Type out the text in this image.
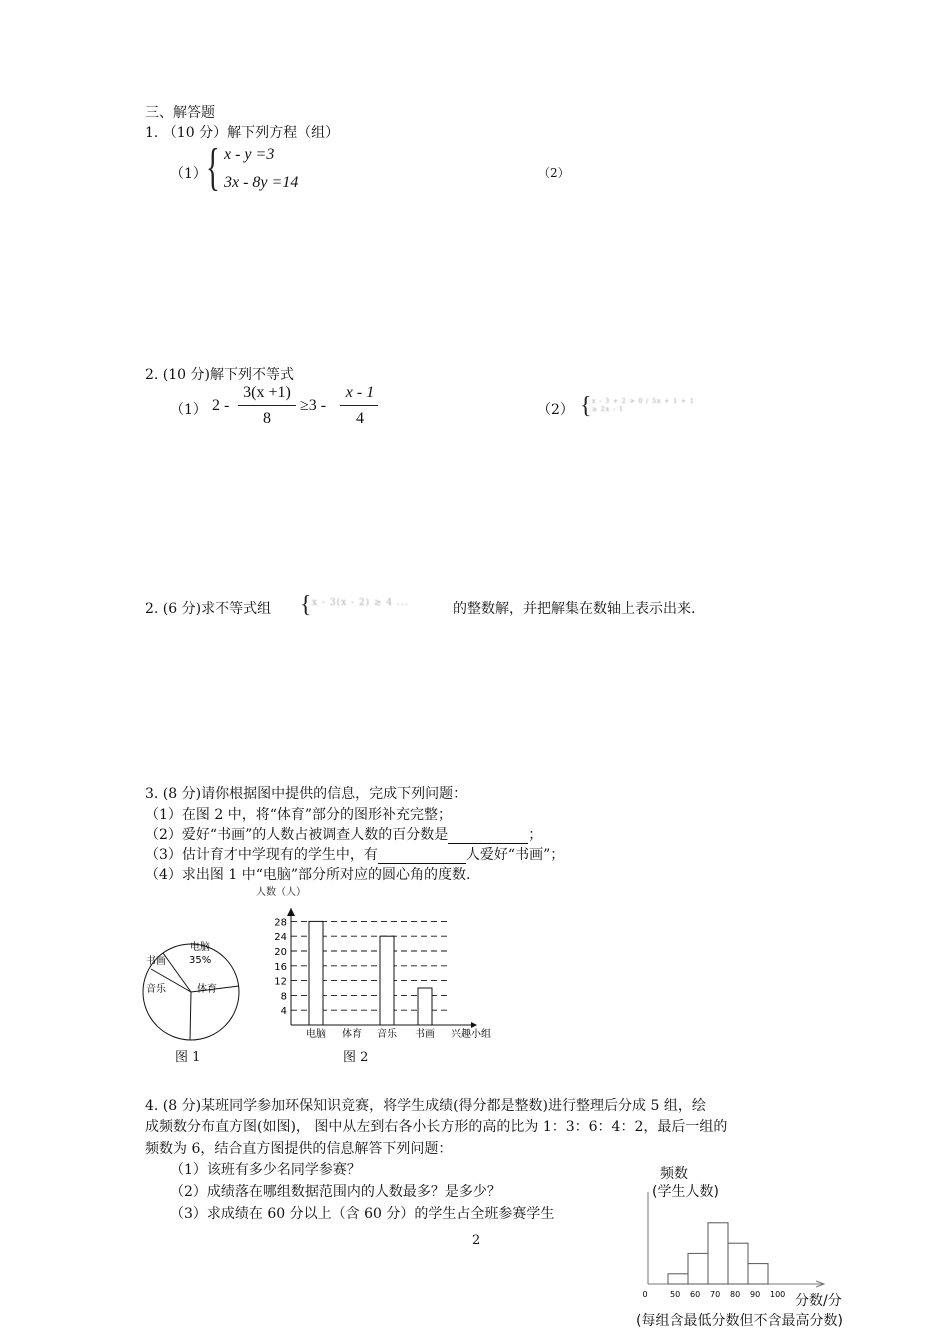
三、解答题
1. （10 分）解下列方程（组）
（1） { x - y =3
3x - 8y =14
（2）
2. (10 分)解下列不等式
（1） 2 -
3(x +1)
8
≥3 -
x - 1
4	（2） { x - 3 + 2 > 0 / 5x + 1 + 1 ≥ 2x - 1
2. (6 分)求不等式组 { x - 3(x - 2) ≥ 4 ...	的整数解，并把解集在数轴上表示出来.
3. (8 分)请你根据图中提供的信息，完成下列问题：
（1）在图 2 中，将“体育”部分的图形补充完整；
（2）爱好“书画”的人数占被调查人数的百分数是	；
（3）估计育才中学现有的学生中，有	人爱好“书画”；
（4）求出图 1 中“电脑”部分所对应的圆心角的度数.
电脑
35%
书画
音乐	体育
图 1
人数（人）
4
8
12
16
20
24
28
电脑 体育 音乐 书画 兴趣小组
图 2
4. (8 分)某班同学参加环保知识竞赛，将学生成绩(得分都是整数)进行整理后分成 5 组，绘
成频数分布直方图(如图)， 图中从左到右各小长方形的高的比为 1：3：6：4：2，最后一组的
频数为 6，结合直方图提供的信息解答下列问题：
（1）该班有多少名同学参赛？
（2）成绩落在哪组数据范围内的人数最多？是多少？
（3）求成绩在 60 分以上（含 60 分）的学生占全班参赛学生
频数
(学生人数)
0	50 60 70 80 90 100 分数/分
(每组含最低分数但不含最高分数)
2
